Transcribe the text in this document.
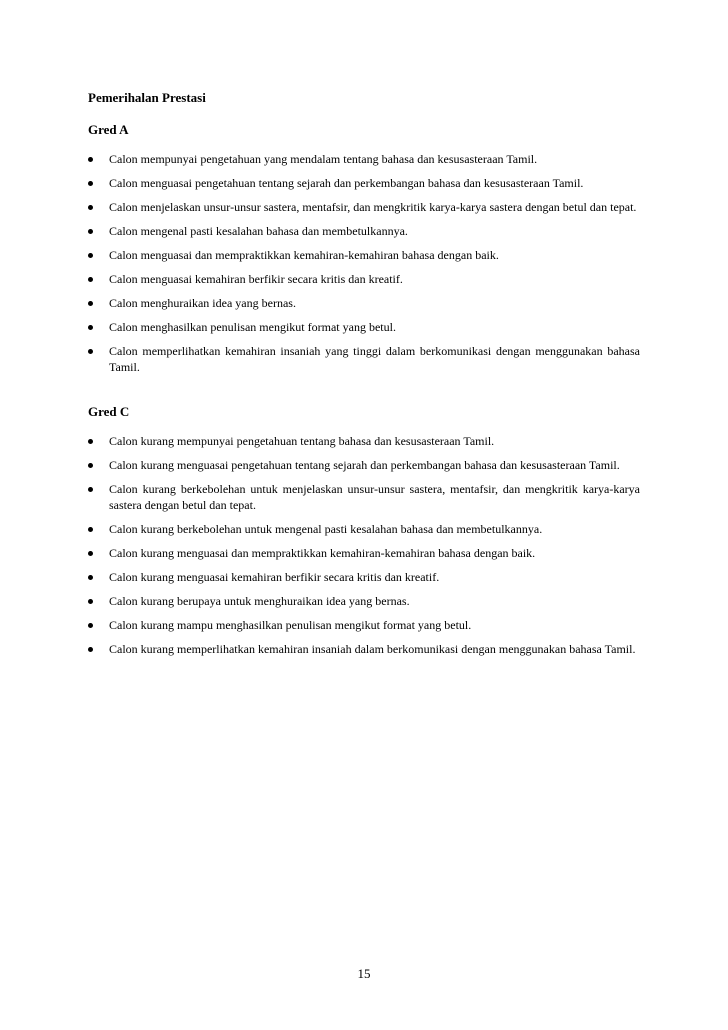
Pemerihalan Prestasi

Gred A

Calon mempunyai pengetahuan yang mendalam tentang bahasa dan kesusasteraan Tamil.
Calon menguasai pengetahuan tentang sejarah dan perkembangan bahasa dan kesusasteraan Tamil.
Calon menjelaskan unsur-unsur sastera, mentafsir, dan mengkritik karya-karya sastera dengan betul dan tepat.
Calon mengenal pasti kesalahan bahasa dan membetulkannya.
Calon menguasai dan mempraktikkan kemahiran-kemahiran bahasa dengan baik.
Calon menguasai kemahiran berfikir secara kritis dan kreatif.
Calon menghuraikan idea yang bernas.
Calon menghasilkan penulisan mengikut format yang betul.
Calon memperlihatkan kemahiran insaniah yang tinggi dalam berkomunikasi dengan menggunakan bahasa Tamil.

Gred C

Calon kurang mempunyai pengetahuan tentang bahasa dan kesusasteraan Tamil.
Calon kurang menguasai pengetahuan tentang sejarah dan perkembangan bahasa dan kesusasteraan Tamil.
Calon kurang berkebolehan untuk menjelaskan unsur-unsur sastera, mentafsir, dan mengkritik karya-karya sastera dengan betul dan tepat.
Calon kurang berkebolehan untuk mengenal pasti kesalahan bahasa dan membetulkannya.
Calon kurang menguasai dan mempraktikkan kemahiran-kemahiran bahasa dengan baik.
Calon kurang menguasai kemahiran berfikir secara kritis dan kreatif.
Calon kurang berupaya untuk menghuraikan idea yang bernas.
Calon kurang mampu menghasilkan penulisan mengikut format yang betul.
Calon kurang memperlihatkan kemahiran insaniah dalam berkomunikasi dengan menggunakan bahasa Tamil.
15
